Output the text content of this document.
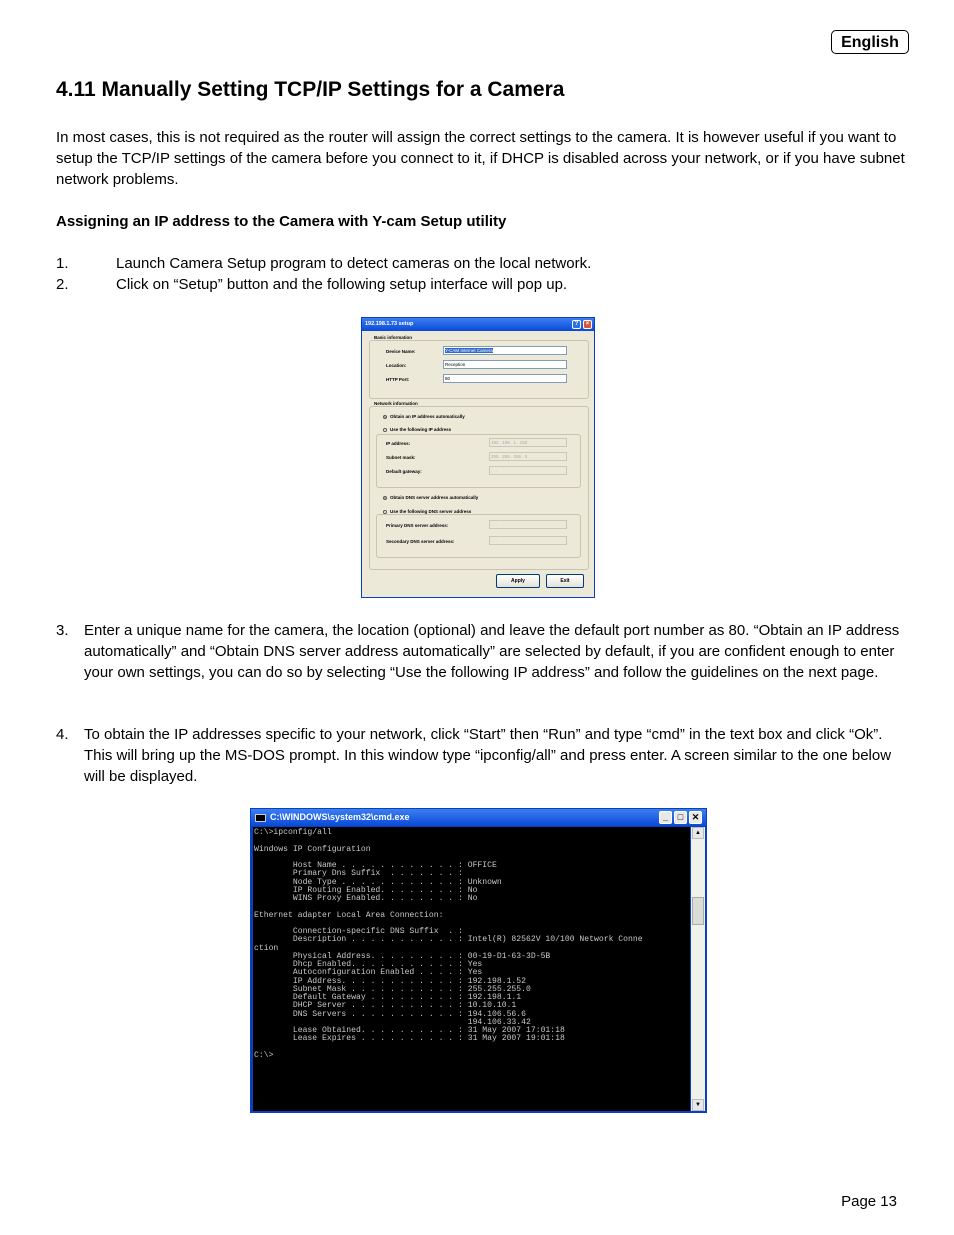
English
4.11 Manually Setting TCP/IP Settings for a Camera
In most cases, this is not required as the router will assign the correct settings to the camera. It is however useful if you want to setup the TCP/IP settings of the camera before you connect to it, if DHCP is disabled across your network, or if you have subnet network problems.
Assigning an IP address to the Camera with Y-cam Setup utility
1.	Launch Camera Setup program to detect cameras on the local network.
2.	Click on “Setup” button and the following setup interface will pop up.
192.198.1.73 setup	?	×
Basic information
Device Name:	Y-CAM Internet Camera
Location:	Reception
HTTP Port:	80
Network information
Obtain an IP address automatically
Use the following IP address
IP address:	192 . 168 . 1 . 150
Subnet mask:	255 . 255 . 255 . 0
Default gateway:	. . .
Obtain DNS server address automatically
Use the following DNS server address
Primary DNS server address:	. . .
Secondary DNS server address:	. . .
Apply	Exit
3. Enter a unique name for the camera, the location (optional) and leave the default port number as 80. “Obtain an IP address automatically” and “Obtain DNS server address automatically” are selected by default, if you are confident enough to enter your own settings, you can do so by selecting “Use the following IP address” and follow the guidelines on the next page.
4. To obtain the IP addresses specific to your network, click “Start” then “Run” and type “cmd” in the text box and click “Ok”. This will bring up the MS-DOS prompt. In this window type “ipconfig/all” and press enter. A screen similar to the one below will be displayed.
C:\WINDOWS\system32\cmd.exe	_	□ ✕
C:\>ipconfig/all

Windows IP Configuration

Host Name . . . . . . . . . . . . : OFFICE
Primary Dns Suffix  . . . . . . . :
Node Type . . . . . . . . . . . . : Unknown
IP Routing Enabled. . . . . . . . : No
WINS Proxy Enabled. . . . . . . . : No

Ethernet adapter Local Area Connection:

Connection-specific DNS Suffix  . :
Description . . . . . . . . . . . : Intel(R) 82562V 10/100 Network Conne
ction
Physical Address. . . . . . . . . : 00-19-D1-63-3D-5B
Dhcp Enabled. . . . . . . . . . . : Yes
Autoconfiguration Enabled . . . . : Yes
IP Address. . . . . . . . . . . . : 192.198.1.52
Subnet Mask . . . . . . . . . . . : 255.255.255.0
Default Gateway . . . . . . . . . : 192.198.1.1
DHCP Server . . . . . . . . . . . : 10.10.10.1
DNS Servers . . . . . . . . . . . : 194.106.56.6
194.106.33.42
Lease Obtained. . . . . . . . . . : 31 May 2007 17:01:18
Lease Expires . . . . . . . . . . : 31 May 2007 19:01:18

C:\>
▲
▼
Page 13
